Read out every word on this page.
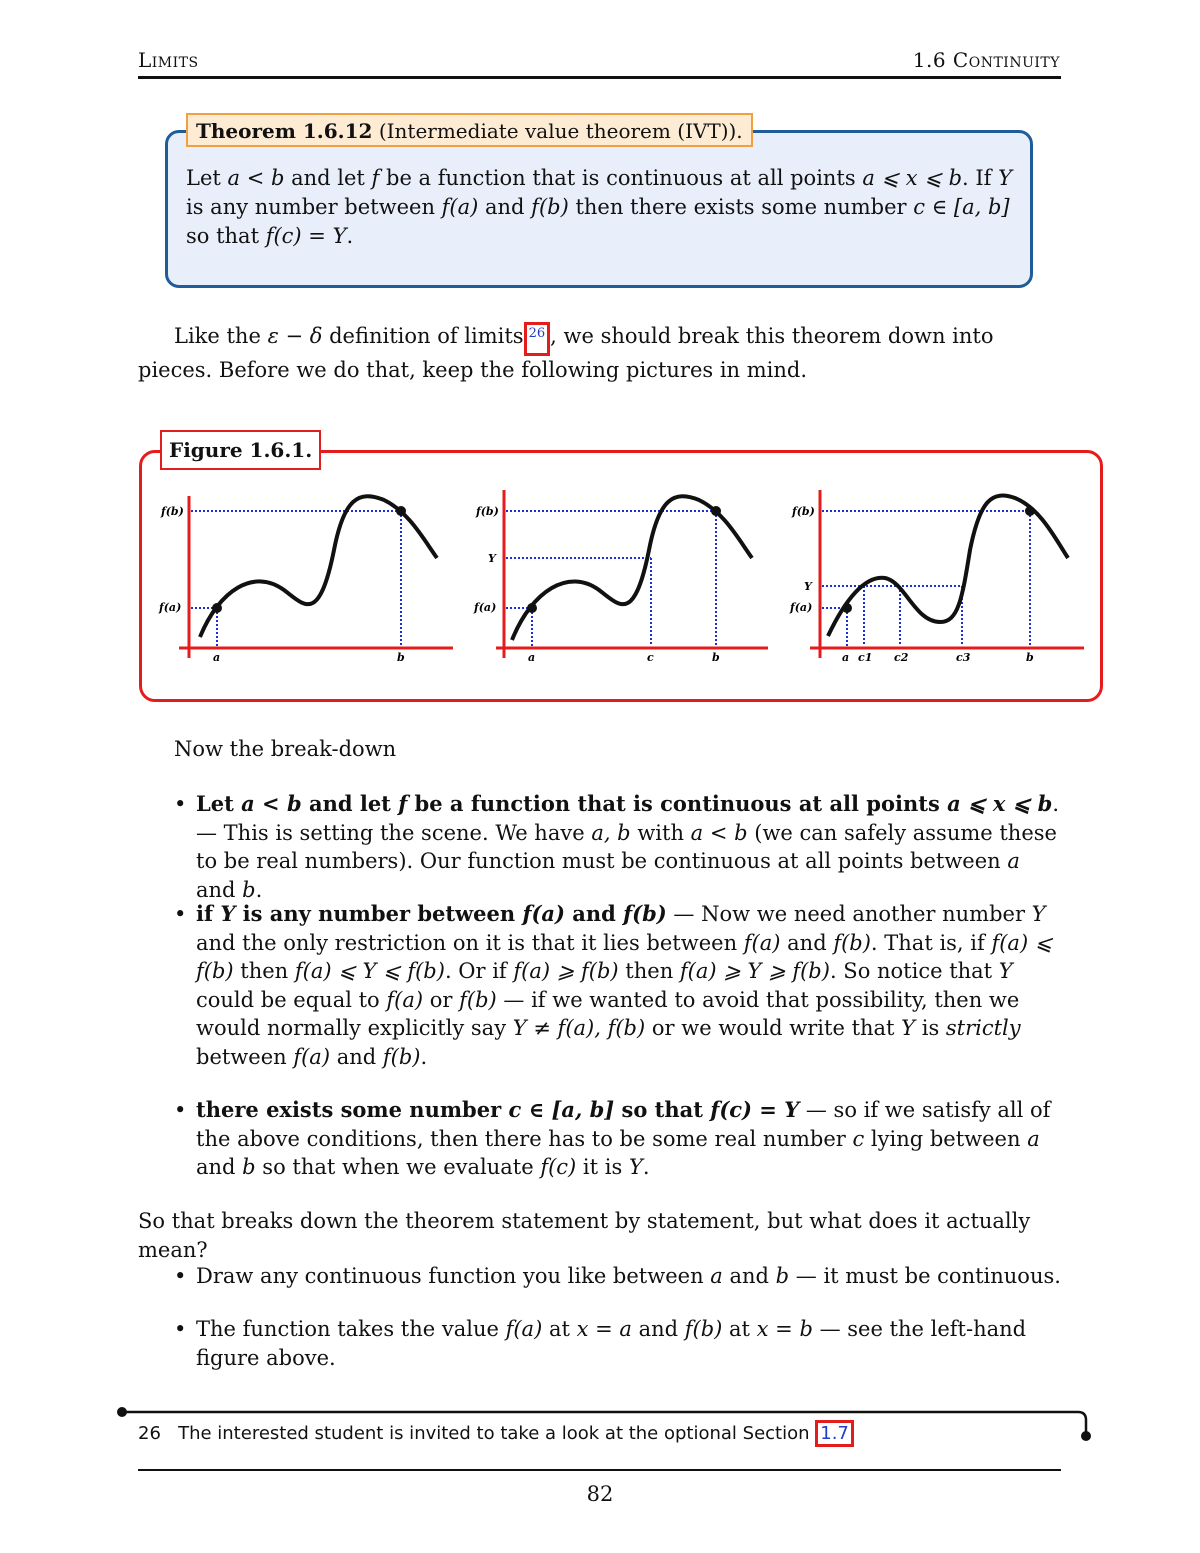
Limits	1.6 Continuity
Theorem 1.6.12 (Intermediate value theorem (IVT)).
Let a < b and let f be a function that is continuous at all points a ⩽ x ⩽ b. If Y is any number between f(a) and f(b) then there exists some number c ∈ [a, b] so that f(c) = Y.
Like the ε − δ definition of limits 26 , we should break this theorem down into pieces. Before we do that, keep the following pictures in mind.
f(b)
f(a)
a	b
f(b)
Y
f(a)
a	c	b
f(b)
Y
f(a)
a c1 c2	c3	b
Figure 1.6.1.
Now the break-down
• Let a < b and let f be a function that is continuous at all points a ⩽ x ⩽ b. — This is setting the scene. We have a, b with a < b (we can safely assume these to be real numbers). Our function must be continuous at all points between a and b.
• if Y is any number between f(a) and f(b) — Now we need another number Y and the only restriction on it is that it lies between f(a) and f(b). That is, if f(a) ⩽ f(b) then f(a) ⩽ Y ⩽ f(b). Or if f(a) ⩾ f(b) then f(a) ⩾ Y ⩾ f(b). So notice that Y could be equal to f(a) or f(b) — if we wanted to avoid that possibility, then we would normally explicitly say Y ≠ f(a), f(b) or we would write that Y is strictly between f(a) and f(b).
• there exists some number c ∈ [a, b] so that f(c) = Y — so if we satisfy all of the above conditions, then there has to be some real number c lying between a and b so that when we evaluate f(c) it is Y.
So that breaks down the theorem statement by statement, but what does it actually mean?
• Draw any continuous function you like between a and b — it must be continuous.
• The function takes the value f(a) at x = a and f(b) at x = b — see the left-hand figure above.
26 The interested student is invited to take a look at the optional Section 1.7
82
